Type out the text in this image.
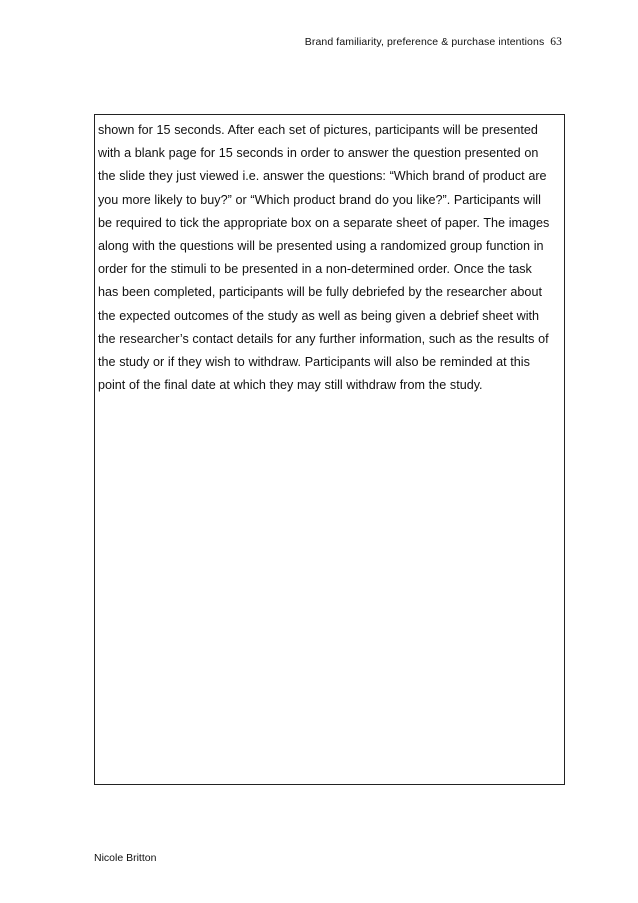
Brand familiarity, preference & purchase intentions 63

shown for 15 seconds. After each set of pictures, participants will be presented
with a blank page for 15 seconds in order to answer the question presented on
the slide they just viewed i.e. answer the questions: “Which brand of product are
you more likely to buy?” or “Which product brand do you like?”. Participants will
be required to tick the appropriate box on a separate sheet of paper. The images
along with the questions will be presented using a randomized group function in
order for the stimuli to be presented in a non-determined order. Once the task
has been completed, participants will be fully debriefed by the researcher about
the expected outcomes of the study as well as being given a debrief sheet with
the researcher’s contact details for any further information, such as the results of
the study or if they wish to withdraw. Participants will also be reminded at this
point of the final date at which they may still withdraw from the study.

Nicole Britton
